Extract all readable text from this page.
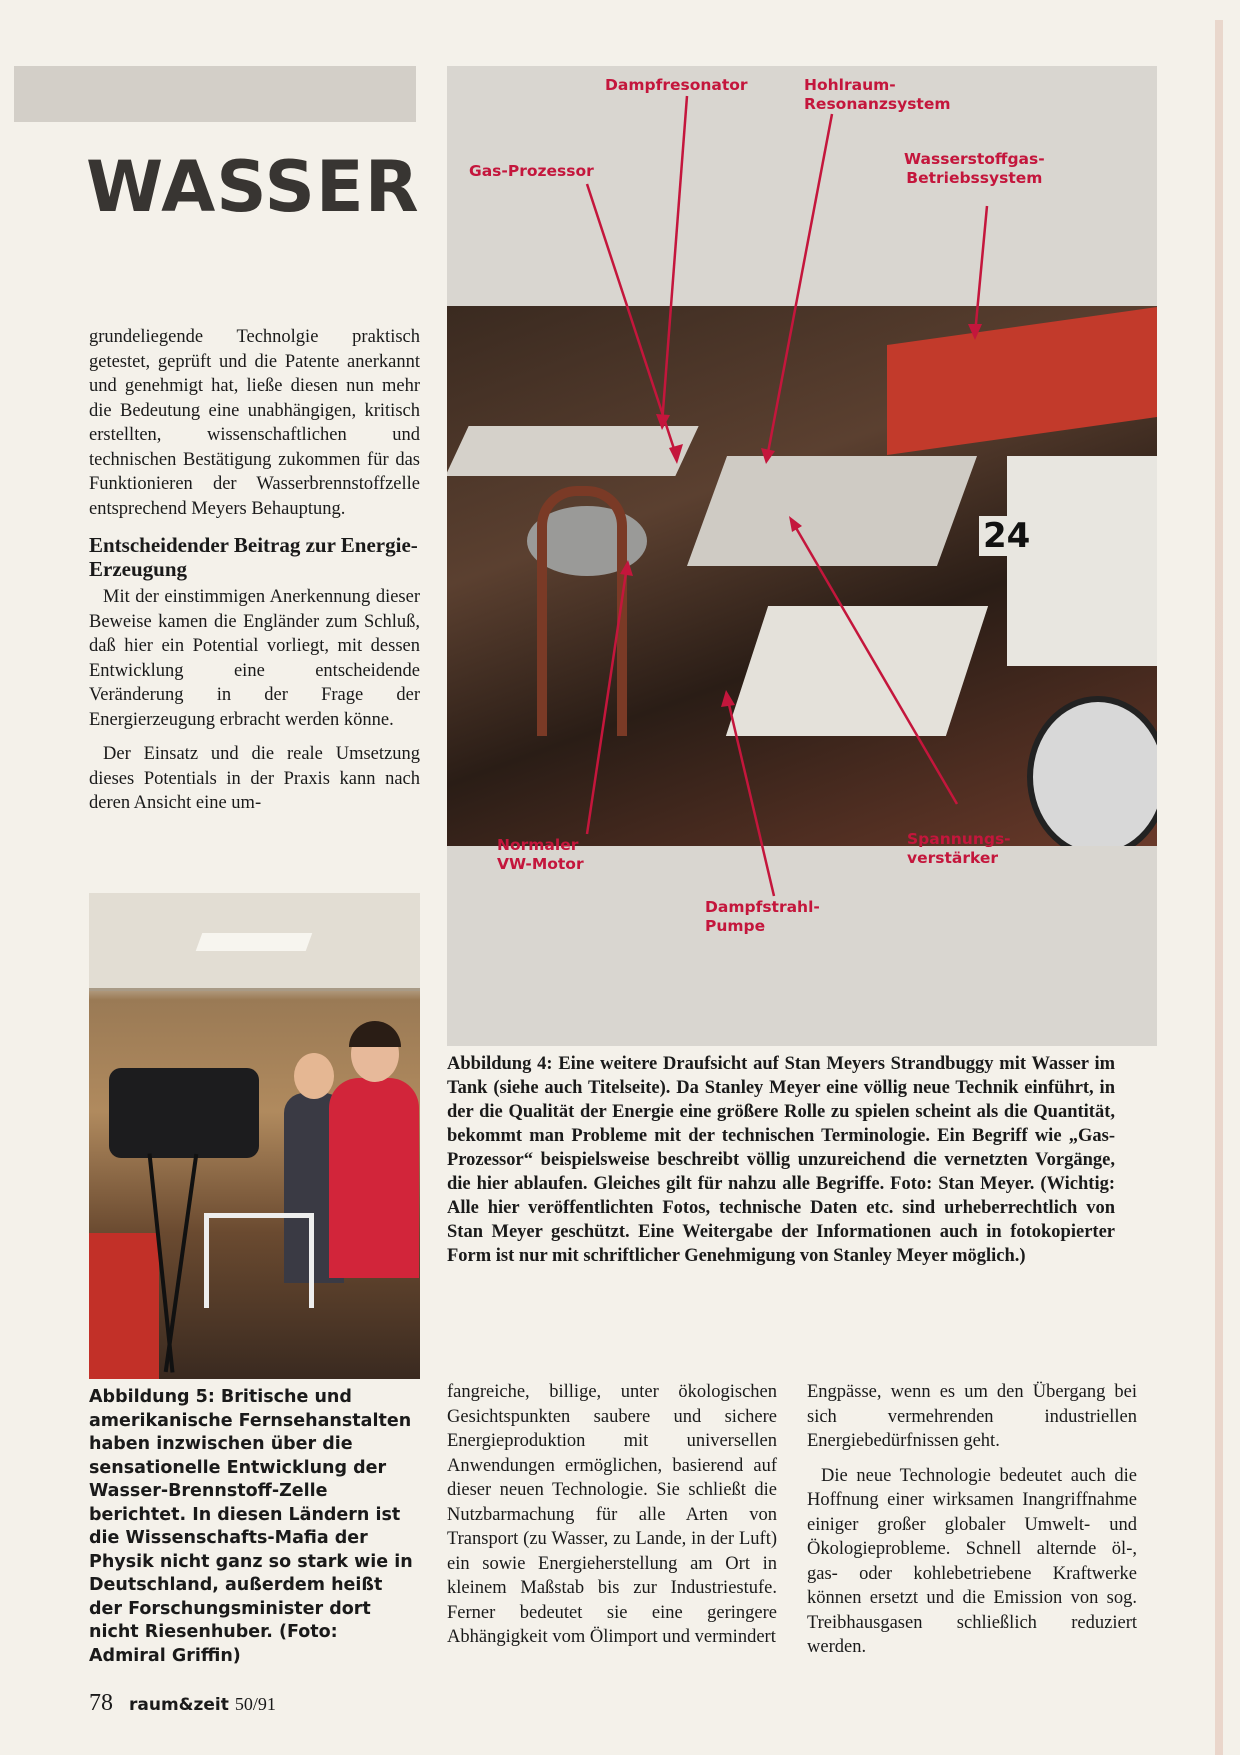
WASSER

grundeliegende Technolgie praktisch getestet, geprüft und die Patente anerkannt und genehmigt hat, ließe diesen nun mehr die Bedeutung eine unabhängigen, kritisch erstellten, wissenschaftlichen und technischen Bestätigung zukommen für das Funktionieren der Wasserbrennstoffzelle entsprechend Meyers Behauptung.

Entscheidender Beitrag zur Energie-Erzeugung

Mit der einstimmigen Anerkennung dieser Beweise kamen die Engländer zum Schluß, daß hier ein Potential vorliegt, mit dessen Entwicklung eine entscheidende Veränderung in der Frage der Energierzeugung erbracht werden könne.

Der Einsatz und die reale Umsetzung dieses Potentials in der Praxis kann nach deren Ansicht eine um-

24
Dampfresonator	Hohlraum-
Resonanzsystem
Gas-Prozessor
Wasserstoffgas-
Betriebssystem
Normaler
VW-Motor
Spannungs-
verstärker
Dampfstrahl-
Pumpe

Abbildung 4: Eine weitere Draufsicht auf Stan Meyers Strandbuggy mit Wasser im Tank (siehe auch Titelseite). Da Stanley Meyer eine völlig neue Technik einführt, in der die Qualität der Energie eine größere Rolle zu spielen scheint als die Quantität, bekommt man Probleme mit der technischen Terminologie. Ein Begriff wie „Gas-Prozessor“ beispielsweise beschreibt völlig unzureichend die vernetzten Vorgänge, die hier ablaufen. Gleiches gilt für nahzu alle Begriffe. Foto: Stan Meyer. (Wichtig: Alle hier veröffentlichten Fotos, technische Daten etc. sind urheberrechtlich von Stan Meyer geschützt. Eine Weitergabe der Informationen auch in fotokopierter Form ist nur mit schriftlicher Genehmigung von Stanley Meyer möglich.)

Abbildung 5: Britische und amerikanische Fernsehanstalten haben inzwischen über die sensationelle Entwicklung der Wasser-Brennstoff-Zelle berichtet. In diesen Ländern ist die Wissenschafts-Mafia der Physik nicht ganz so stark wie in Deutschland, außerdem heißt der Forschungsminister dort nicht Riesenhuber. (Foto: Admiral Griffin)

fangreiche, billige, unter ökologischen Gesichtspunkten saubere und sichere Energieproduktion mit universellen Anwendungen ermöglichen, basierend auf dieser neuen Technologie. Sie schließt die Nutzbarmachung für alle Arten von Transport (zu Wasser, zu Lande, in der Luft) ein sowie Energieherstellung am Ort in kleinem Maßstab bis zur Industriestufe. Ferner bedeutet sie eine geringere Abhängigkeit vom Ölimport und vermindert

Engpässe, wenn es um den Übergang bei sich vermehrenden industriellen Energiebedürfnissen geht.

Die neue Technologie bedeutet auch die Hoffnung einer wirksamen Inangriffnahme einiger großer globaler Umwelt- und Ökologieprobleme. Schnell alternde öl-, gas- oder kohlebetriebene Kraftwerke können ersetzt und die Emission von sog. Treibhausgasen schließlich reduziert werden.

78 raum&zeit 50/91
